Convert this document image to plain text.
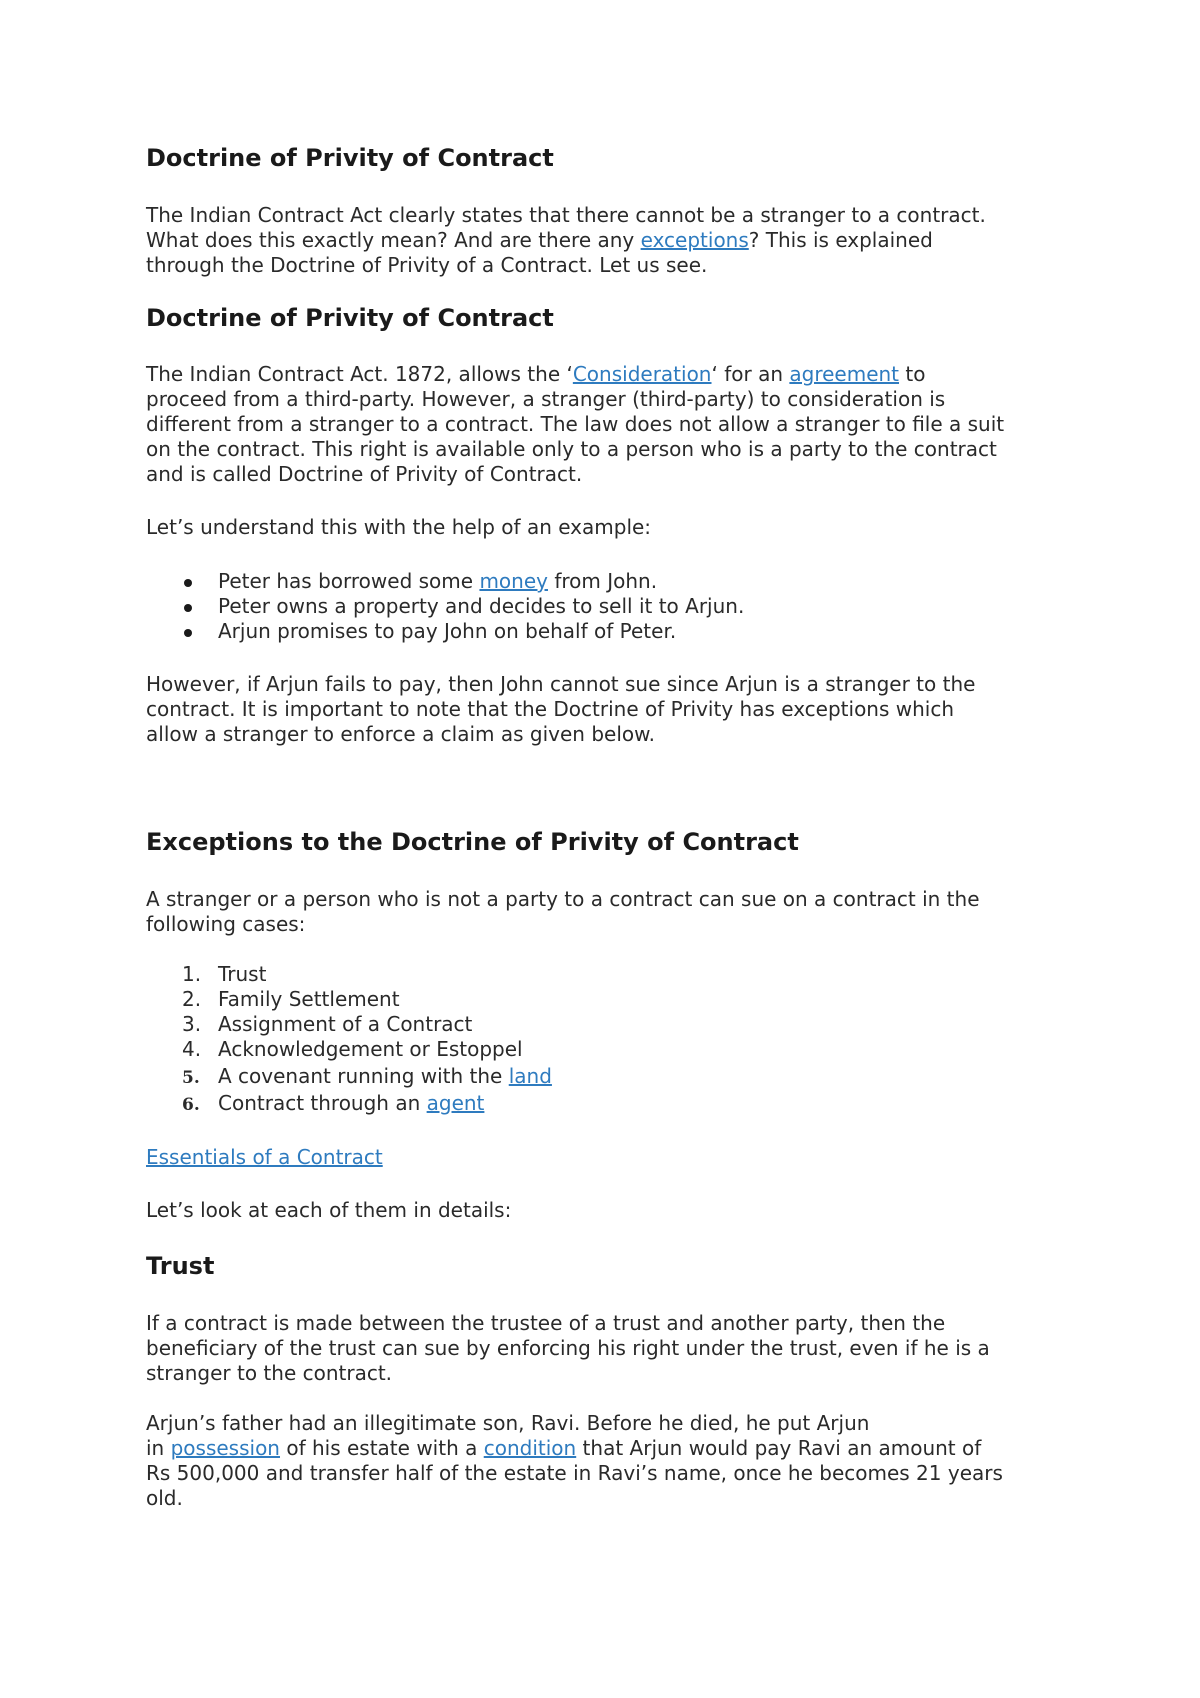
Doctrine of Privity of Contract
The Indian Contract Act clearly states that there cannot be a stranger to a contract.
What does this exactly mean? And are there any exceptions? This is explained
through the Doctrine of Privity of a Contract. Let us see.
Doctrine of Privity of Contract
The Indian Contract Act. 1872, allows the ‘Consideration‘ for an agreement to
proceed from a third-party. However, a stranger (third-party) to consideration is
different from a stranger to a contract. The law does not allow a stranger to file a suit
on the contract. This right is available only to a person who is a party to the contract
and is called Doctrine of Privity of Contract.
Let’s understand this with the help of an example:
Peter has borrowed some money from John.
Peter owns a property and decides to sell it to Arjun.
Arjun promises to pay John on behalf of Peter.
However, if Arjun fails to pay, then John cannot sue since Arjun is a stranger to the
contract. It is important to note that the Doctrine of Privity has exceptions which
allow a stranger to enforce a claim as given below.
Exceptions to the Doctrine of Privity of Contract
A stranger or a person who is not a party to a contract can sue on a contract in the
following cases:
1. Trust
2. Family Settlement
3. Assignment of a Contract
4. Acknowledgement or Estoppel
5. A covenant running with the land
6. Contract through an agent
Essentials of a Contract
Let’s look at each of them in details:
Trust
If a contract is made between the trustee of a trust and another party, then the
beneficiary of the trust can sue by enforcing his right under the trust, even if he is a
stranger to the contract.
Arjun’s father had an illegitimate son, Ravi. Before he died, he put Arjun
in possession of his estate with a condition that Arjun would pay Ravi an amount of
Rs 500,000 and transfer half of the estate in Ravi’s name, once he becomes 21 years
old.
